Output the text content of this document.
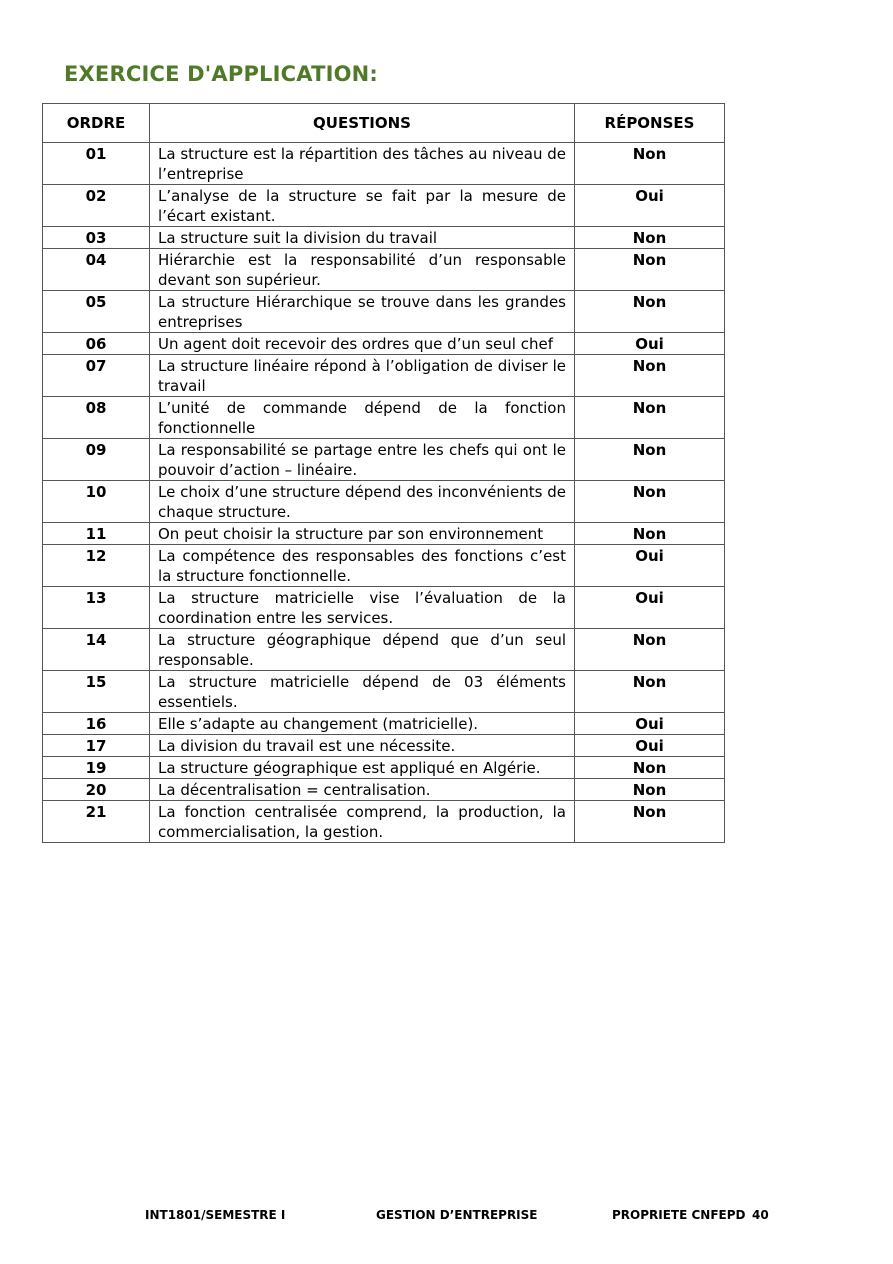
EXERCICE D'APPLICATION:
ORDRE	QUESTIONS	RÉPONSES
01	La structure est la répartition des tâches au niveau de l’entreprise	Non
02	L’analyse de la structure se fait par la mesure de l’écart existant.	Oui
03	La structure suit la division du travail	Non
04	Hiérarchie est la responsabilité d’un responsable devant son supérieur.	Non
05	La structure Hiérarchique se trouve dans les grandes entreprises	Non
06	Un agent doit recevoir des ordres que d’un seul chef	Oui
07	La structure linéaire répond à l’obligation de diviser le travail	Non
08	L’unité de commande dépend de la fonction fonctionnelle	Non
09	La responsabilité se partage entre les chefs qui ont le pouvoir d’action – linéaire.	Non
10	Le choix d’une structure dépend des inconvénients de chaque structure.	Non
11	On peut choisir la structure par son environnement	Non
12	La compétence des responsables des fonctions c’est la structure fonctionnelle.	Oui
13	La structure matricielle vise l’évaluation de la coordination entre les services.	Oui
14	La structure géographique dépend que d’un seul responsable.	Non
15	La structure matricielle dépend de 03 éléments essentiels.	Non
16	Elle s’adapte au changement (matricielle).	Oui
17	La division du travail est une nécessite.	Oui
19	La structure géographique est appliqué en Algérie.	Non
20	La décentralisation = centralisation.	Non
21	La fonction centralisée comprend, la production, la commercialisation, la gestion.	Non
INT1801/SEMESTRE I	GESTION D’ENTREPRISE	PROPRIETE CNFEPD 40
